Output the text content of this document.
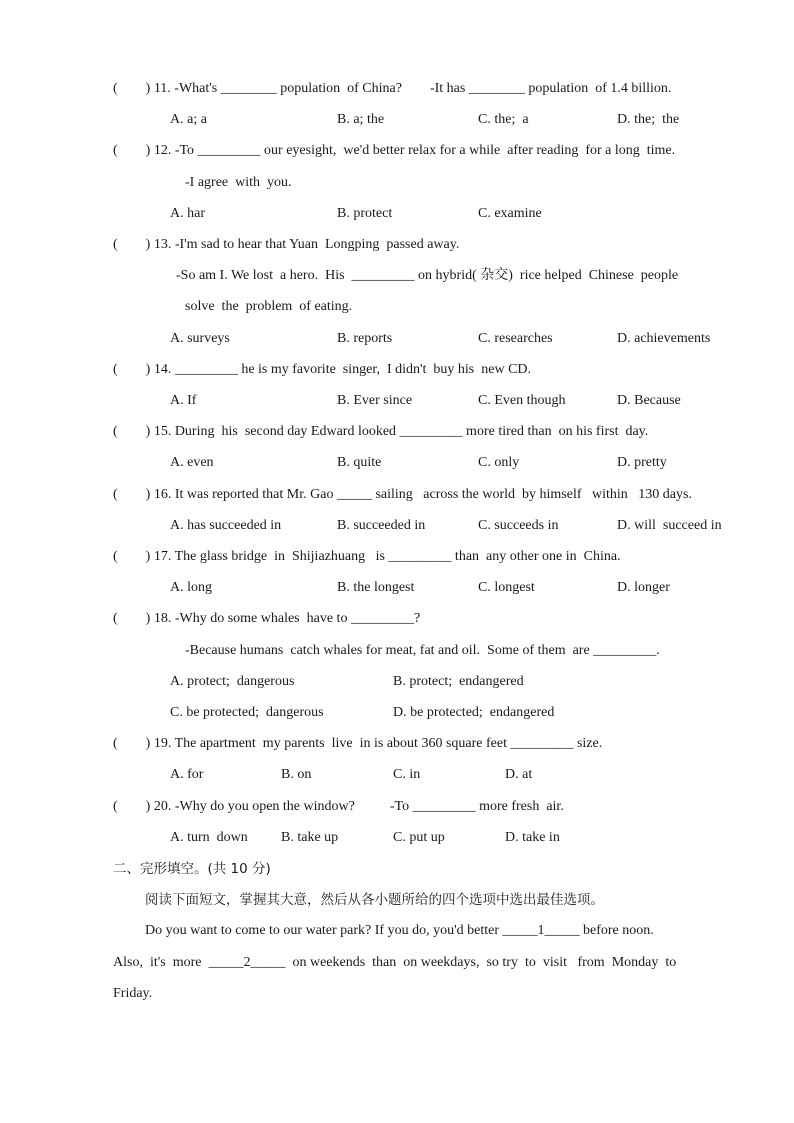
(        ) 11. -What's ________ population  of China?        -It has ________ population  of 1.4 billion.
A. a; a	B. a; the	C. the;  a	D. the;  the
(        ) 12. -To _________ our eyesight,  we'd better relax for a while  after reading  for a long  time.
-I agree  with  you.
A. har	B. protect	C. examine
(        ) 13. -I'm sad to hear that Yuan  Longping  passed away.
-So am I. We lost  a hero.  His  _________ on hybrid( 杂交)  rice helped  Chinese  people
solve  the  problem  of eating.
A. surveys	B. reports	C. researches	D. achievements
(        ) 14. _________ he is my favorite  singer,  I didn't  buy his  new CD.
A. If	B. Ever since	C. Even though	D. Because
(        ) 15. During  his  second day Edward looked _________ more tired than  on his first  day.
A. even	B. quite	C. only	D. pretty
(        ) 16. It was reported that Mr. Gao _____ sailing   across the world  by himself   within   130 days.
A. has succeeded in	B. succeeded in	C. succeeds in	D. will  succeed in
(        ) 17. The glass bridge  in  Shijiazhuang   is _________ than  any other one in  China.
A. long	B. the longest	C. longest	D. longer
(        ) 18. -Why do some whales  have to _________?
-Because humans  catch whales for meat, fat and oil.  Some of them  are _________.
A. protect;  dangerous	B. protect;  endangered
C. be protected;  dangerous	D. be protected;  endangered
(        ) 19. The apartment  my parents  live  in is about 360 square feet _________ size.
A. for	B. on	C. in	D. at
(        ) 20. -Why do you open the window?          -To _________ more fresh  air.
A. turn  down B. take up	C. put up	D. take in
二、完形填空。(共 10 分)
阅读下面短文，掌握其大意，然后从各小题所给的四个选项中选出最佳选项。
Do you want to come to our water park? If you do, you'd better _____1_____ before noon.
Also,  it's  more  _____2_____  on weekends  than  on weekdays,  so try  to  visit   from  Monday  to
Friday.
